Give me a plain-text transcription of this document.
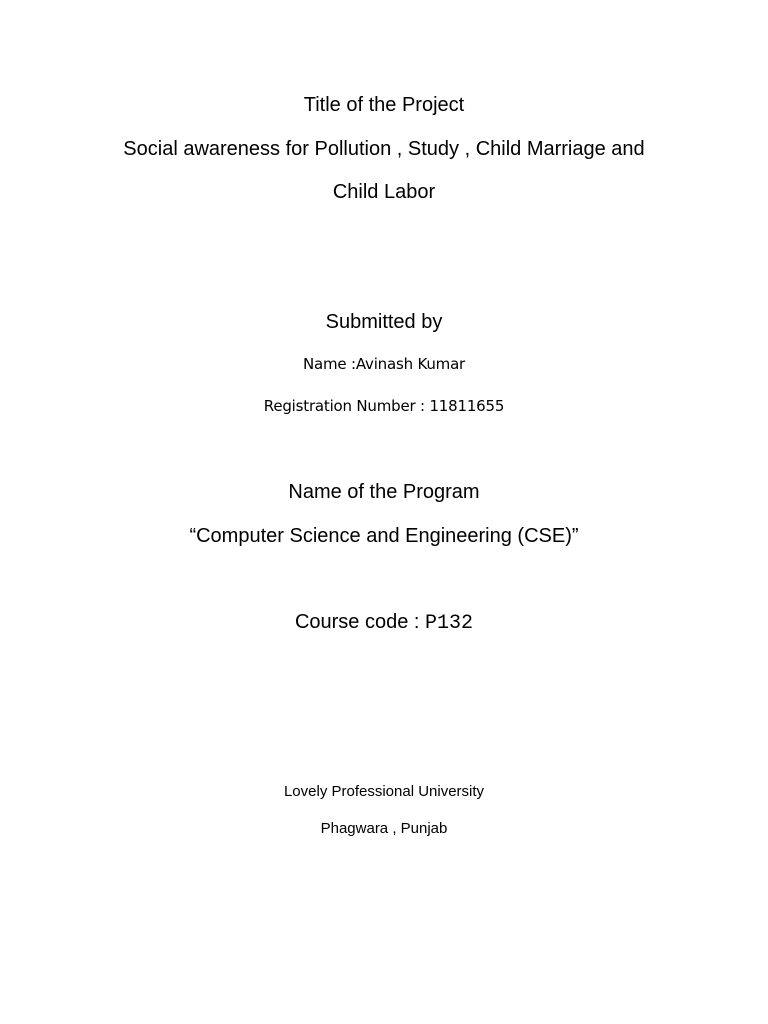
Title of the Project
Social awareness for Pollution , Study , Child Marriage and
Child Labor
Submitted by
Name :Avinash Kumar
Registration Number : 11811655
Name of the Program
“Computer Science and Engineering (CSE)”
Course code : P132
Lovely Professional University
Phagwara , Punjab
